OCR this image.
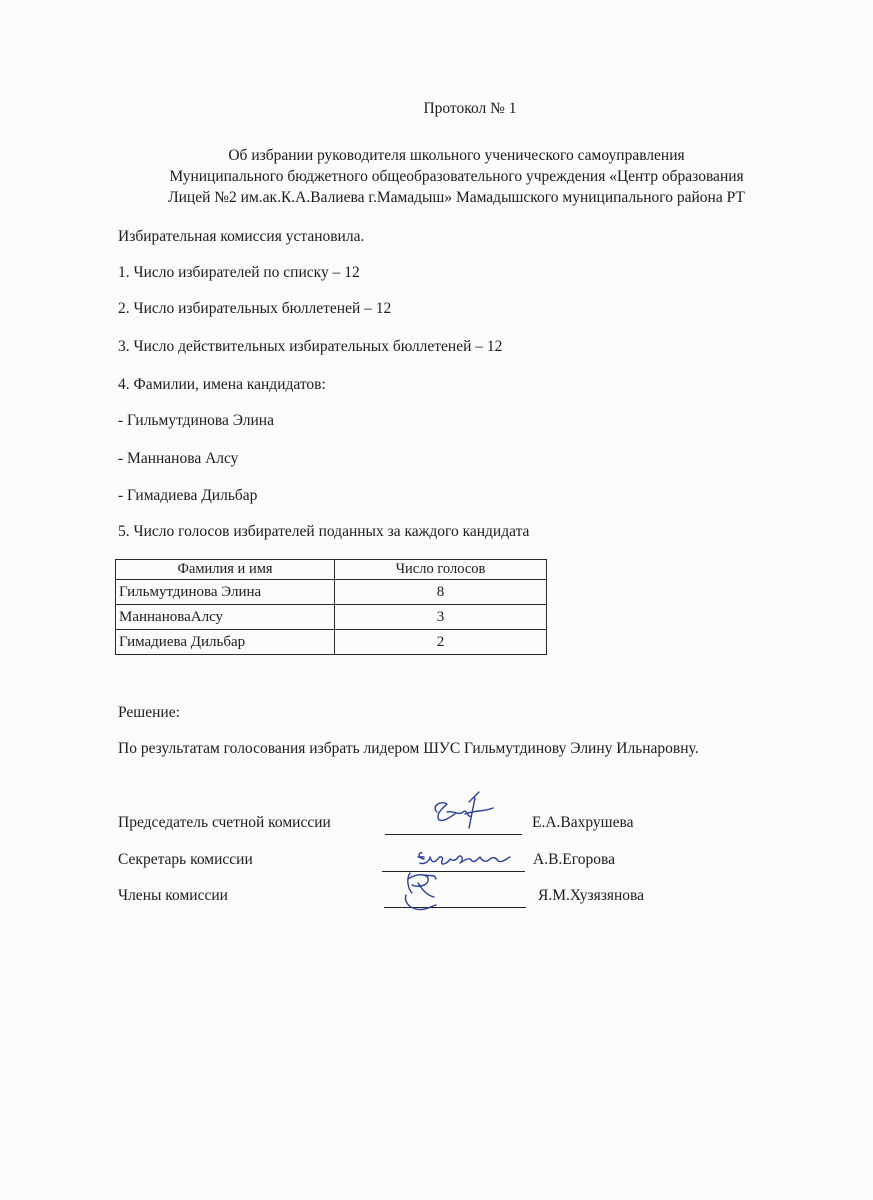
Протокол № 1
Об избрании руководителя школьного ученического самоуправления
Муниципального бюджетного общеобразовательного учреждения «Центр образования
Лицей №2 им.ак.К.А.Валиева г.Мамадыш» Мамадышского муниципального района РТ
Избирательная комиссия установила.
1. Число избирателей по списку – 12
2. Число избирательных бюллетеней – 12
3. Число действительных избирательных бюллетеней – 12
4. Фамилии, имена кандидатов:
- Гильмутдинова Элина
- Маннанова Алсу
- Гимадиева Дильбар
5. Число голосов избирателей поданных за каждого кандидата
Фамилия и имя	Число голосов
Гильмутдинова Элина	8
МаннановаАлсу	3
Гимадиева Дильбар	2
Решение:
По результатам голосования избрать лидером ШУС Гильмутдинову Элину Ильнаровну.
Председатель счетной комиссии	Е.А.Вахрушева
Секретарь комиссии	А.В.Егорова
Члены комиссии	Я.М.Хузязянова
